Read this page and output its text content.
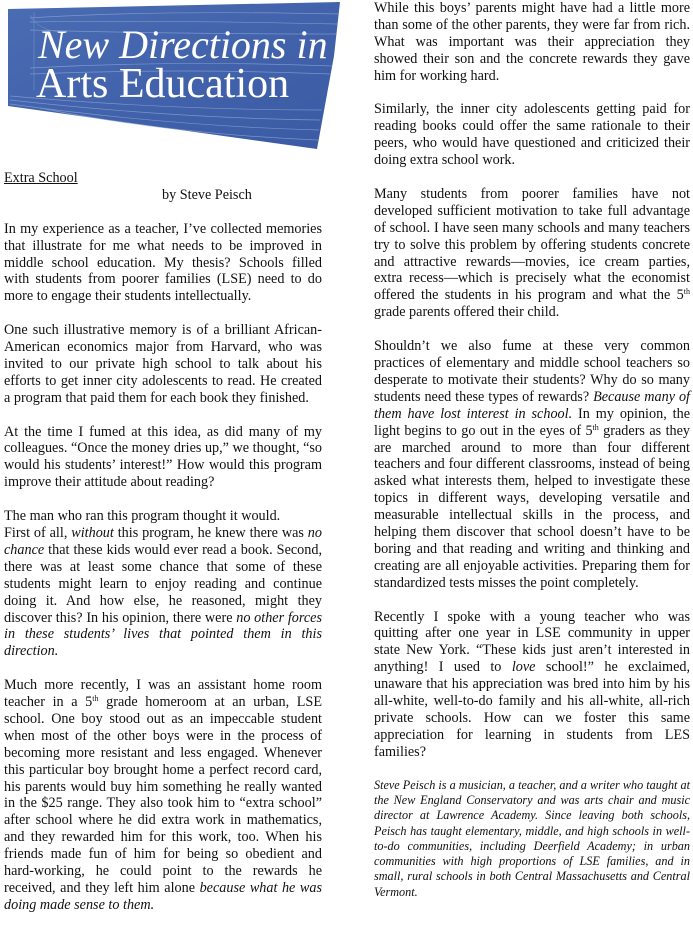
New Directions in
Arts Education
Extra School
by Steve Peisch

In my experience as a teacher, I’ve collected memories that illustrate for me what needs to be improved in middle school education. My thesis? Schools filled with students from poorer families (LSE) need to do more to engage their students intellectually.

One such illustrative memory is of a brilliant African-American economics major from Harvard, who was invited to our private high school to talk about his efforts to get inner city adolescents to read. He created a program that paid them for each book they finished.

At the time I fumed at this idea, as did many of my colleagues. “Once the money dries up,” we thought, “so would his students’ interest!” How would this program improve their attitude about reading?

The man who ran this program thought it would.

First of all, without this program, he knew there was no chance that these kids would ever read a book. Second, there was at least some chance that some of these students might learn to enjoy reading and continue doing it. And how else, he reasoned, might they discover this? In his opinion, there were no other forces in these students’ lives that pointed them in this direction.

Much more recently, I was an assistant home room teacher in a 5th grade homeroom at an urban, LSE school. One boy stood out as an impeccable student when most of the other boys were in the process of becoming more resistant and less engaged. Whenever this particular boy brought home a perfect record card, his parents would buy him something he really wanted in the $25 range. They also took him to “extra school” after school where he did extra work in mathematics, and they rewarded him for this work, too. When his friends made fun of him for being so obedient and hard-working, he could point to the rewards he received, and they left him alone because what he was doing made sense to them.

While this boys’ parents might have had a little more than some of the other parents, they were far from rich. What was important was their appreciation they showed their son and the concrete rewards they gave him for working hard.

Similarly, the inner city adolescents getting paid for reading books could offer the same rationale to their peers, who would have questioned and criticized their doing extra school work.

Many students from poorer families have not developed sufficient motivation to take full advantage of school. I have seen many schools and many teachers try to solve this problem by offering students concrete and attractive rewards—movies, ice cream parties, extra recess—which is precisely what the economist offered the students in his program and what the 5th grade parents offered their child.

Shouldn’t we also fume at these very common practices of elementary and middle school teachers so desperate to motivate their students? Why do so many students need these types of rewards? Because many of them have lost interest in school. In my opinion, the light begins to go out in the eyes of 5th graders as they are marched around to more than four different teachers and four different classrooms, instead of being asked what interests them, helped to investigate these topics in different ways, developing versatile and measurable intellectual skills in the process, and helping them discover that school doesn’t have to be boring and that reading and writing and thinking and creating are all enjoyable activities. Preparing them for standardized tests misses the point completely.

Recently I spoke with a young teacher who was quitting after one year in LSE community in upper state New York. “These kids just aren’t interested in anything! I used to love school!” he exclaimed, unaware that his appreciation was bred into him by his all-white, well-to-do family and his all-white, all-rich private schools. How can we foster this same appreciation for learning in students from LES families?

Steve Peisch is a musician, a teacher, and a writer who taught at the New England Conservatory and was arts chair and music director at Lawrence Academy. Since leaving both schools, Peisch has taught elementary, middle, and high schools in well-to-do communities, including Deerfield Academy; in urban communities with high proportions of LSE families, and in small, rural schools in both Central Massachusetts and Central Vermont.
